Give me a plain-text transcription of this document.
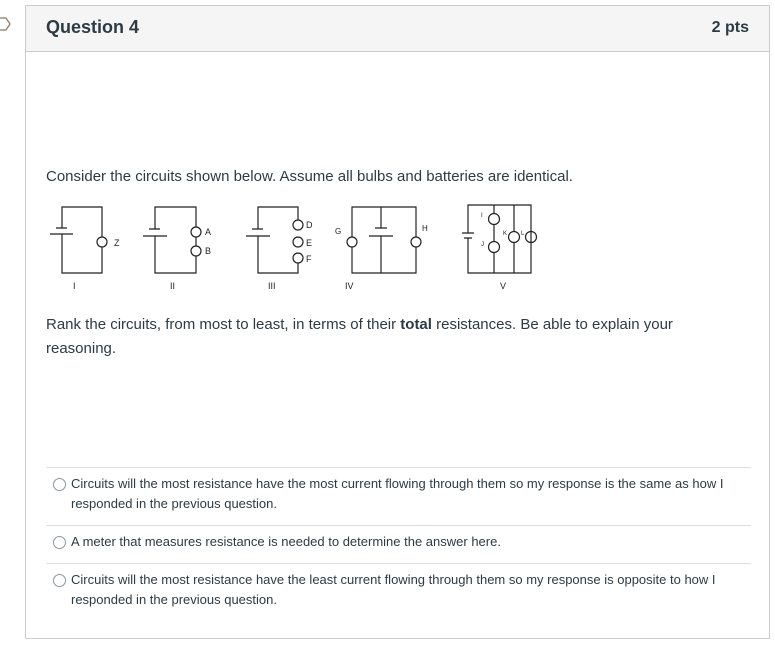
Question 4	2 pts
Consider the circuits shown below. Assume all bulbs and batteries are identical.
Rank the circuits, from most to least, in terms of their total resistances. Be able to explain your reasoning.
Circuits will the most resistance have the most current flowing through them so my response is the same as how I responded in the previous question.
A meter that measures resistance is needed to determine the answer here.
Circuits will the most resistance have the least current flowing through them so my response is opposite to how I responded in the previous question.
Z
I
A
B
II
D
E
F
III
G	H
IV
I
J
K L
V
